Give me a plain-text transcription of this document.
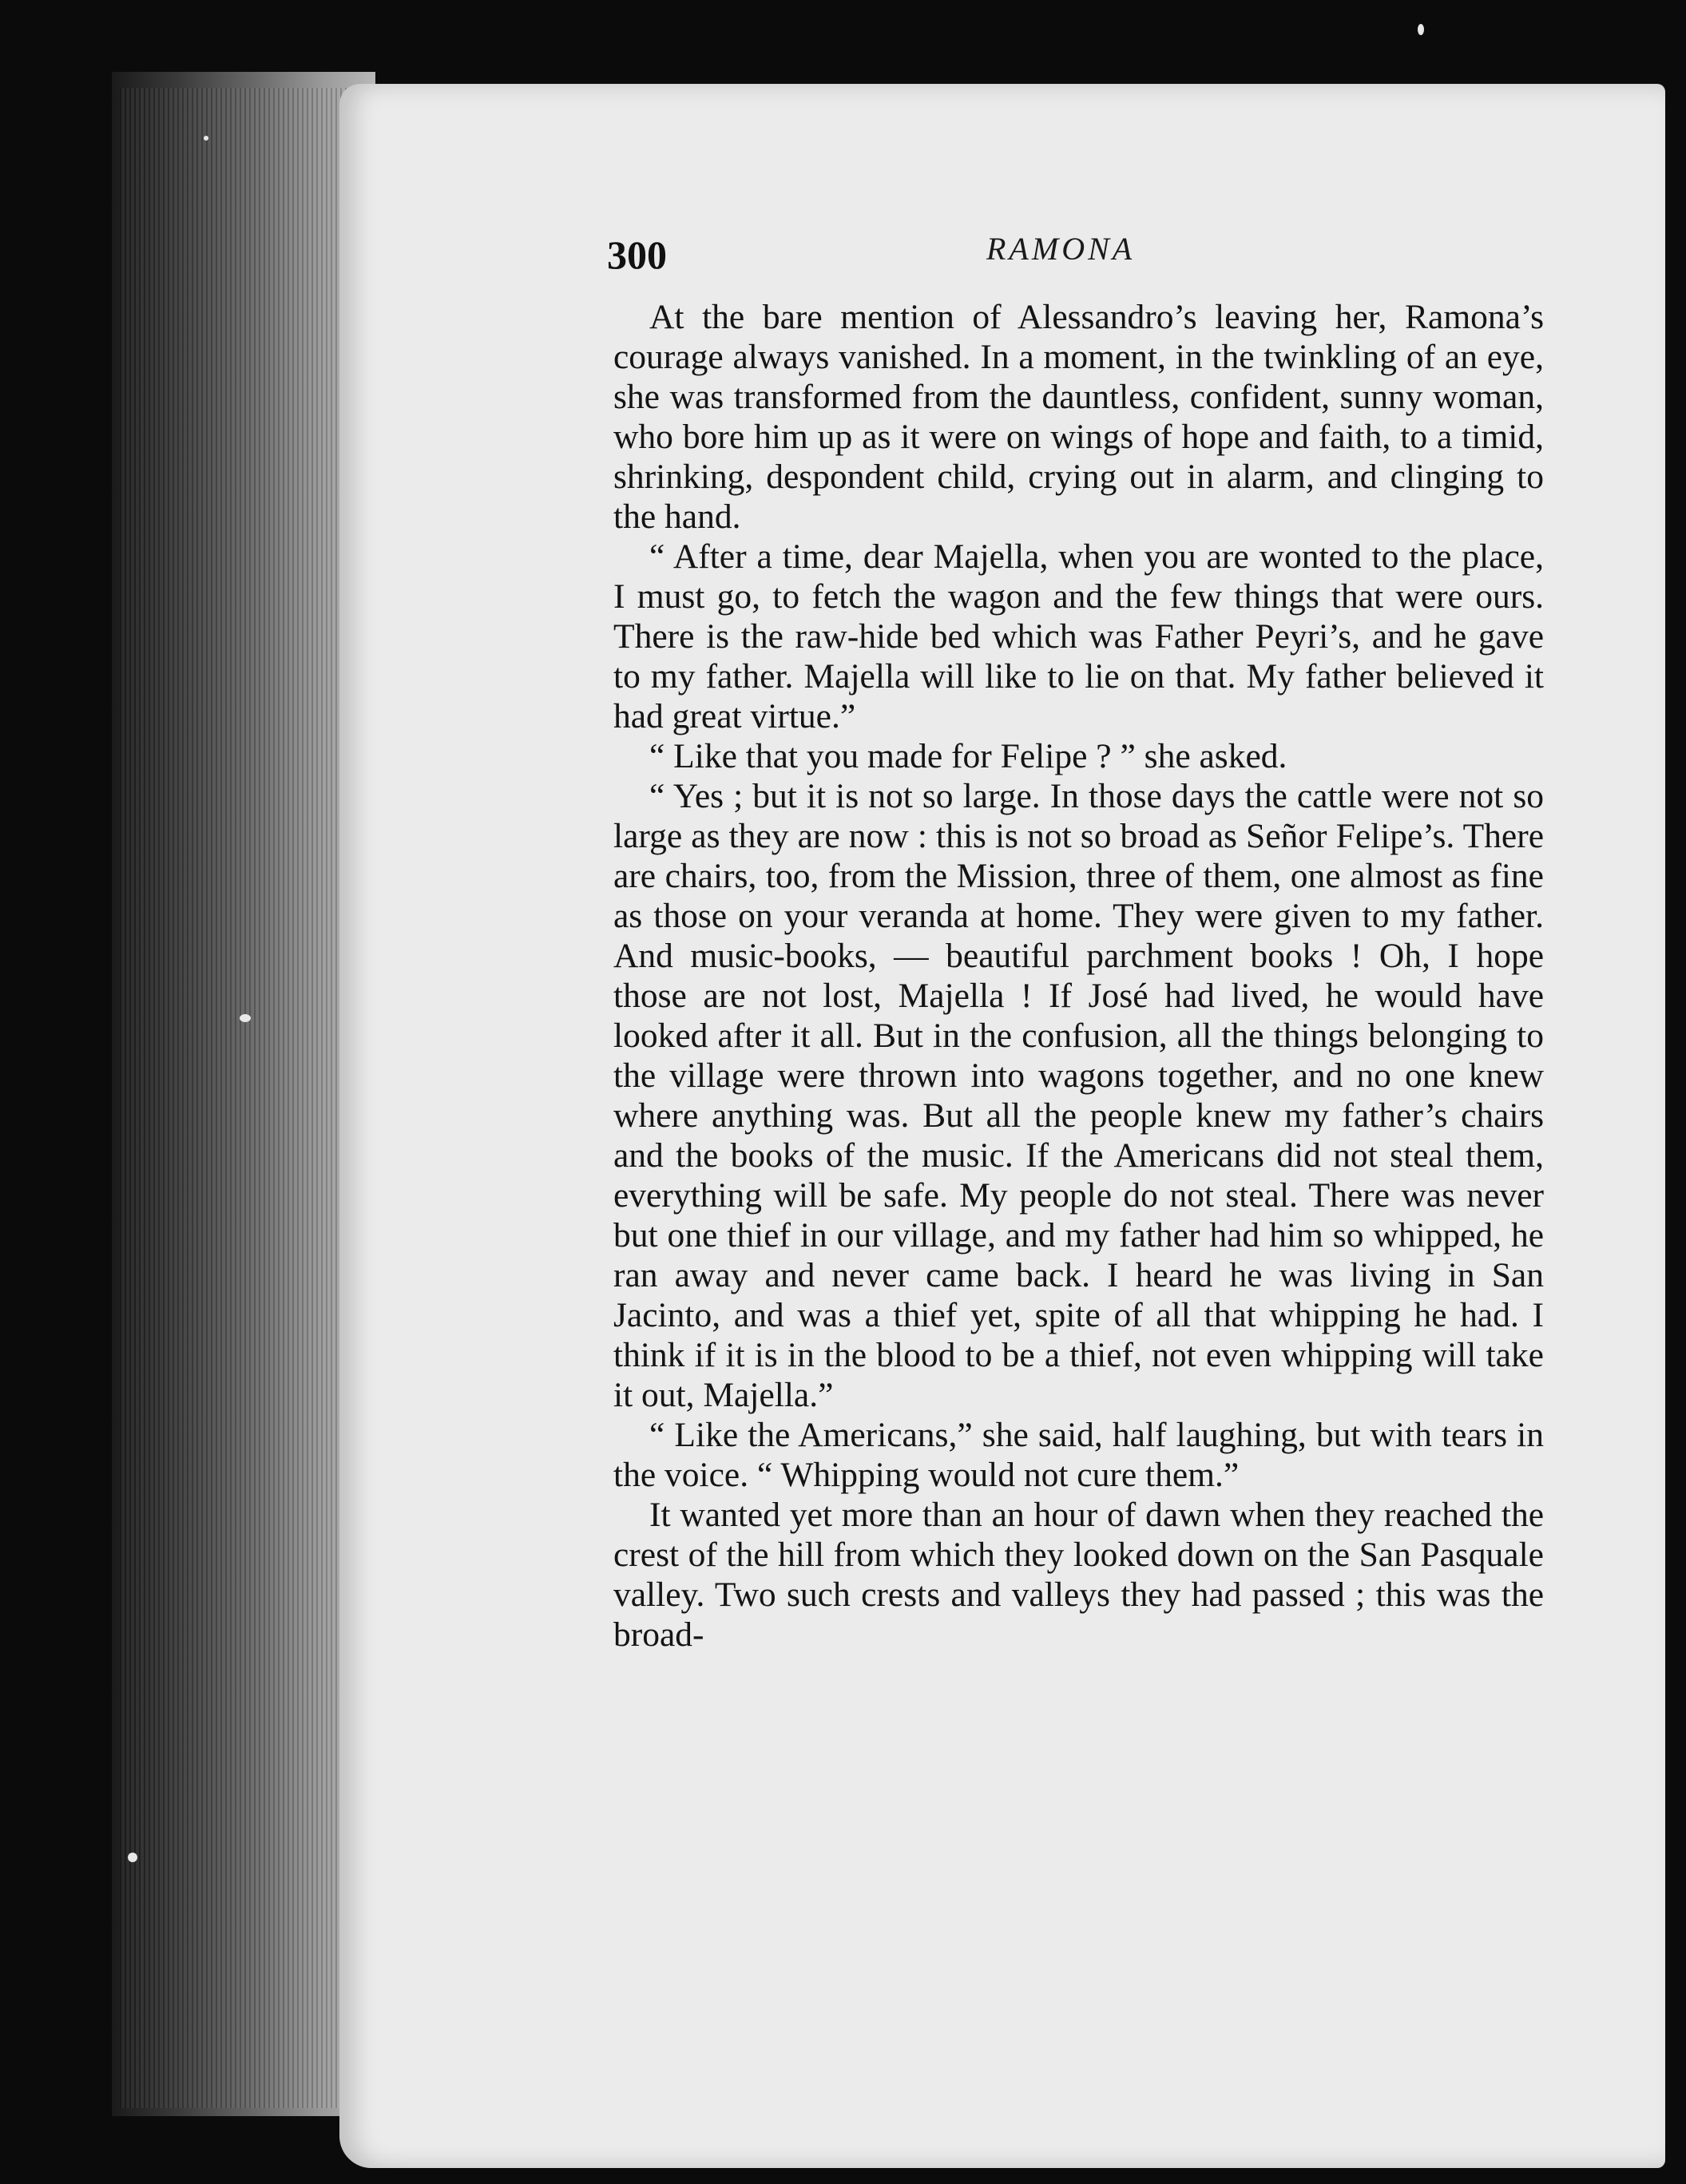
300	RAMONA

At the bare mention of Alessandro’s leaving her, Ramona’s courage always vanished. In a moment, in the twinkling of an eye, she was transformed from the dauntless, confident, sunny woman, who bore him up as it were on wings of hope and faith, to a timid, shrinking, despondent child, crying out in alarm, and clinging to the hand.

“ After a time, dear Majella, when you are wonted to the place, I must go, to fetch the wagon and the few things that were ours. There is the raw-hide bed which was Father Peyri’s, and he gave to my father. Majella will like to lie on that. My father believed it had great virtue.”

“ Like that you made for Felipe ? ” she asked.

“ Yes ; but it is not so large. In those days the cattle were not so large as they are now : this is not so broad as Señor Felipe’s. There are chairs, too, from the Mission, three of them, one almost as fine as those on your veranda at home. They were given to my father. And music-books, — beautiful parchment books ! Oh, I hope those are not lost, Majella ! If José had lived, he would have looked after it all. But in the confusion, all the things belonging to the village were thrown into wagons together, and no one knew where anything was. But all the people knew my father’s chairs and the books of the music. If the Americans did not steal them, everything will be safe. My people do not steal. There was never but one thief in our village, and my father had him so whipped, he ran away and never came back. I heard he was living in San Jacinto, and was a thief yet, spite of all that whipping he had. I think if it is in the blood to be a thief, not even whipping will take it out, Majella.”

“ Like the Americans,” she said, half laughing, but with tears in the voice. “ Whipping would not cure them.”

It wanted yet more than an hour of dawn when they reached the crest of the hill from which they looked down on the San Pasquale valley. Two such crests and valleys they had passed ; this was the broad-
